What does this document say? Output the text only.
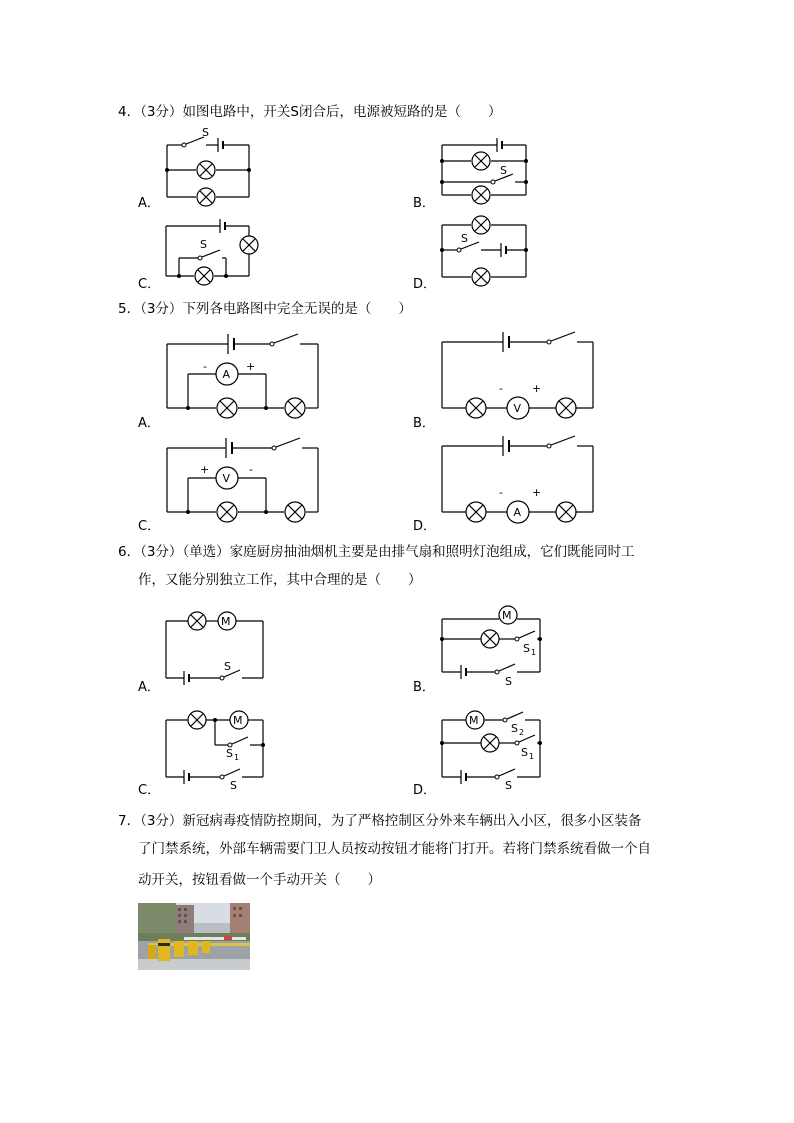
4．（3分）如图电路中，开关S闭合后，电源被短路的是（　　）

A．	B．
C．	D．
S
S
S	S

5．（3分）下列各电路图中完全无误的是（　　）

A．	B．
C．	D．
A
-	+
V
-	+
V
+	-
A
-	+

6．（3分）（单选）家庭厨房抽油烟机主要是由排气扇和照明灯泡组成，它们既能同时工

作，又能分别独立工作，其中合理的是（　　）

A．	B．
C．	D．
M
S
M
S 1
S
M
S 1
S
M
S 2
S 1
S

7．（3分）新冠病毒疫情防控期间，为了严格控制区分外来车辆出入小区，很多小区装备

了门禁系统，外部车辆需要门卫人员按动按钮才能将门打开。若将门禁系统看做一个自

动开关，按钮看做一个手动开关（　　）
